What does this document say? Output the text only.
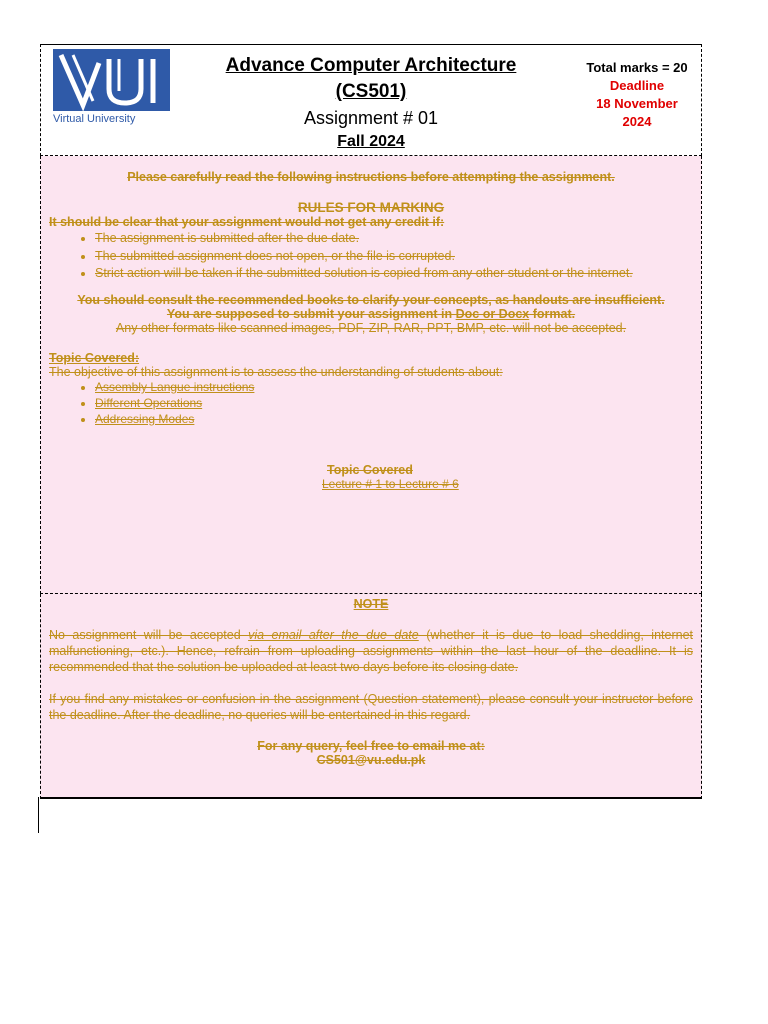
Virtual University
Advance Computer Architecture
(CS501)
Assignment # 01
Fall 2024
Total marks = 20
Deadline
18 November
2024

Please carefully read the following instructions before attempting the assignment.

RULES FOR MARKING

It should be clear that your assignment would not get any credit if:

• The assignment is submitted after the due date.
• The submitted assignment does not open, or the file is corrupted.
• Strict action will be taken if the submitted solution is copied from any other student or the internet.

You should consult the recommended books to clarify your concepts, as handouts are insufficient.

You are supposed to submit your assignment in Doc or Docx format.

Any other formats like scanned images, PDF, ZIP, RAR, PPT, BMP, etc. will not be accepted.

Topic Covered:

The objective of this assignment is to assess the understanding of students about:

• Assembly Langue instructions
• Different Operations
• Addressing Modes

Topic Covered

Lecture # 1 to Lecture # 6

NOTE

No assignment will be accepted via email after the due date (whether it is due to load shedding, internet malfunctioning, etc.). Hence, refrain from uploading assignments within the last hour of the deadline. It is recommended that the solution be uploaded at least two days before its closing date.

If you find any mistakes or confusion in the assignment (Question statement), please consult your instructor before the deadline. After the deadline, no queries will be entertained in this regard.

For any query, feel free to email me at:

CS501@vu.edu.pk
